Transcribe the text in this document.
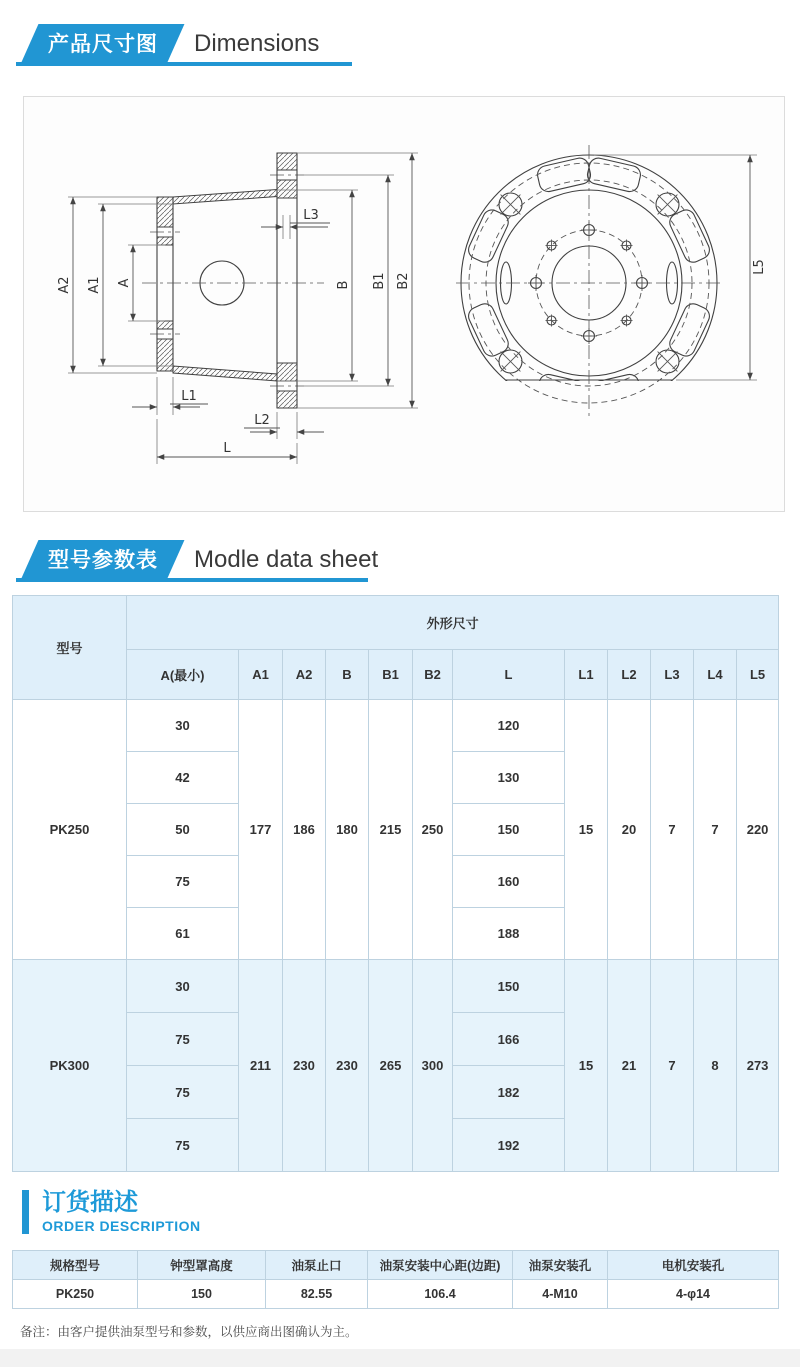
产品尺寸图 Dimensions
A2 A1 A	B B1 B2
L3
L1
L2
L
L5
型号参数表 Modle data sheet
型号	外形尺寸											
	A(最小)	A1	A2	B	B1	B2	L	L1	L2	L3	L4	L5
PK250	30	177	186	180	215	250	120	15	20	7	7	220
	42						130					
	50						150					
	75						160					
	61						188					
PK300	30	211	230	230	265	300	150	15	21	7	8	273
	75						166					
	75						182					
	75						192					
订货描述
ORDER DESCRIPTION
规格型号	钟型罩高度	油泵止口	油泵安装中心距(边距)	油泵安装孔	电机安装孔
PK250	150	82.55	106.4	4-M10	4-φ14
备注：由客户提供油泵型号和参数，以供应商出图确认为主。
